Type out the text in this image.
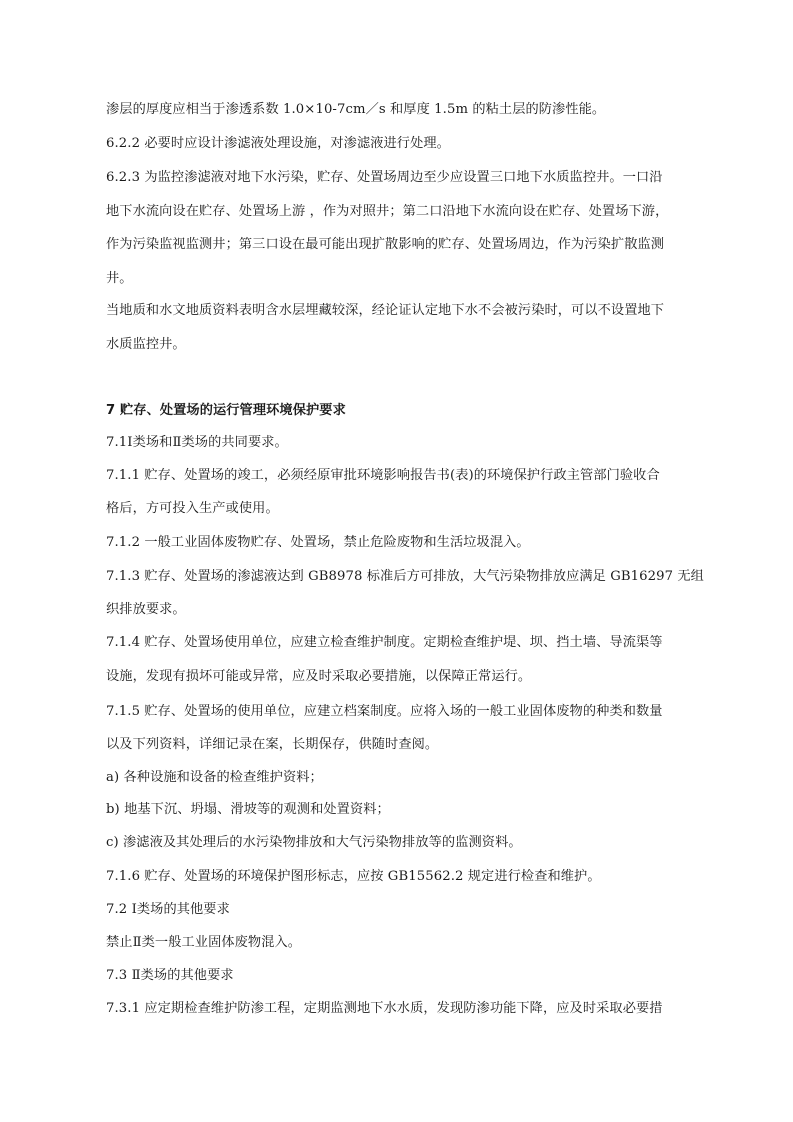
渗层的厚度应相当于渗透系数 1.0×10-7cm／s 和厚度 1.5m 的粘土层的防渗性能。
6.2.2 必要时应设计渗滤液处理设施，对渗滤液进行处理。
6.2.3 为监控渗滤液对地下水污染，贮存、处置场周边至少应设置三口地下水质监控井。一口沿
地下水流向设在贮存、处置场上游 ，作为对照井；第二口沿地下水流向设在贮存、处置场下游，
作为污染监视监测井；第三口设在最可能出现扩散影响的贮存、处置场周边，作为污染扩散监测
井。
当地质和水文地质资料表明含水层埋藏较深，经论证认定地下水不会被污染时，可以不设置地下
水质监控井。
7 贮存、处置场的运行管理环境保护要求
7.1Ⅰ类场和Ⅱ类场的共同要求。
7.1.1 贮存、处置场的竣工，必须经原审批环境影响报告书(表)的环境保护行政主管部门验收合
格后，方可投入生产或使用。
7.1.2 一般工业固体废物贮存、处置场，禁止危险废物和生活垃圾混入。
7.1.3 贮存、处置场的渗滤液达到 GB8978 标准后方可排放，大气污染物排放应满足 GB16297 无组
织排放要求。
7.1.4 贮存、处置场使用单位，应建立检查维护制度。定期检查维护堤、坝、挡土墙、导流渠等
设施，发现有损坏可能或异常，应及时采取必要措施，以保障正常运行。
7.1.5 贮存、处置场的使用单位，应建立档案制度。应将入场的一般工业固体废物的种类和数量
以及下列资料，详细记录在案，长期保存，供随时查阅。
a) 各种设施和设备的检查维护资料；
b) 地基下沉、坍塌、滑坡等的观测和处置资料；
c) 渗滤液及其处理后的水污染物排放和大气污染物排放等的监测资料。
7.1.6 贮存、处置场的环境保护图形标志，应按 GB15562.2 规定进行检查和维护。
7.2 Ⅰ类场的其他要求
禁止Ⅱ类一般工业固体废物混入。
7.3 Ⅱ类场的其他要求
7.3.1 应定期检查维护防渗工程，定期监测地下水水质，发现防渗功能下降，应及时采取必要措
